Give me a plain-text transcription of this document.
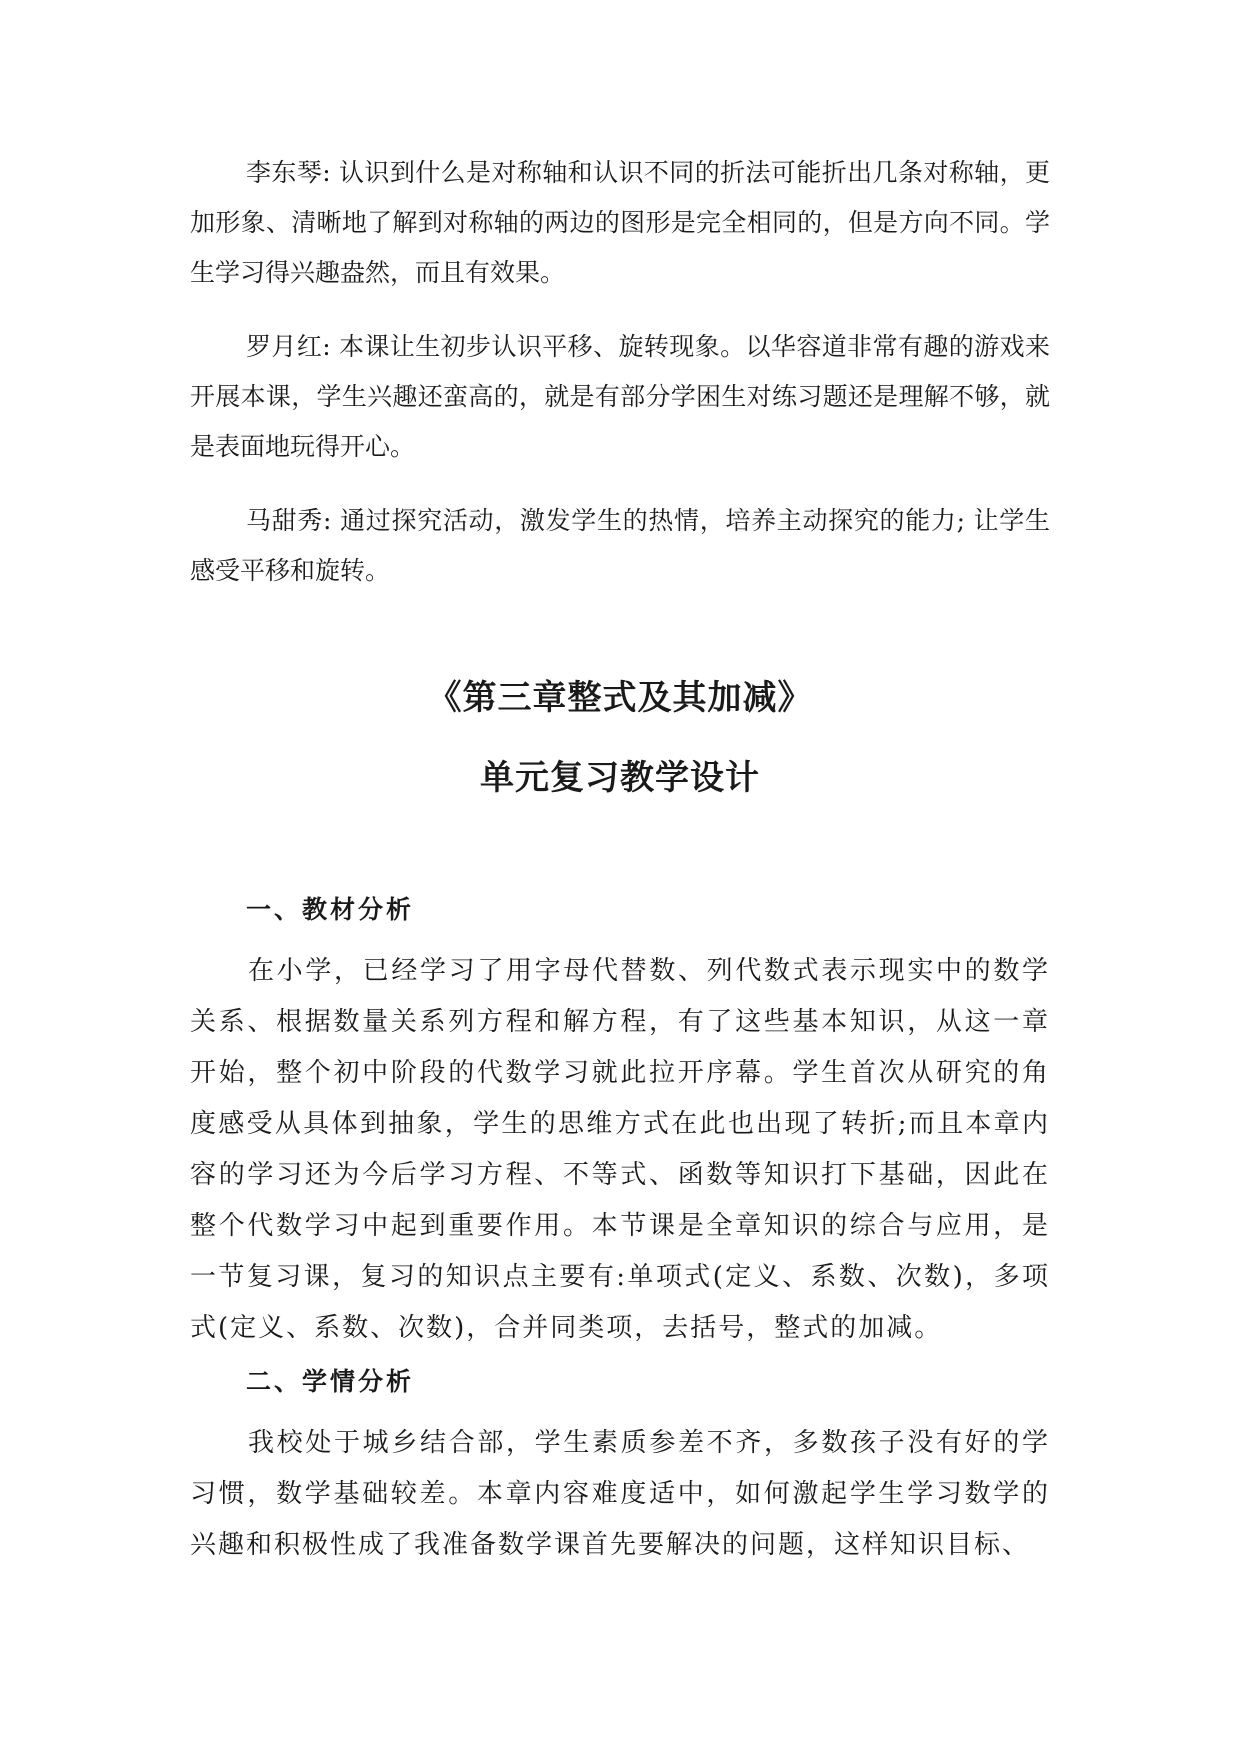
李东琴: 认识到什么是对称轴和认识不同的折法可能折出几条对称轴，更加形象、清晰地了解到对称轴的两边的图形是完全相同的，但是方向不同。学生学习得兴趣盎然，而且有效果。

罗月红: 本课让生初步认识平移、旋转现象。以华容道非常有趣的游戏来开展本课，学生兴趣还蛮高的，就是有部分学困生对练习题还是理解不够，就是表面地玩得开心。

马甜秀: 通过探究活动，激发学生的热情，培养主动探究的能力; 让学生感受平移和旋转。

《第三章整式及其加减》
单元复习教学设计
一、教材分析

在小学，已经学习了用字母代替数、列代数式表示现实中的数学关系、根据数量关系列方程和解方程，有了这些基本知识，从这一章开始，整个初中阶段的代数学习就此拉开序幕。学生首次从研究的角度感受从具体到抽象，学生的思维方式在此也出现了转折;而且本章内容的学习还为今后学习方程、不等式、函数等知识打下基础，因此在整个代数学习中起到重要作用。本节课是全章知识的综合与应用，是一节复习课，复习的知识点主要有:单项式(定义、系数、次数)，多项式(定义、系数、次数)，合并同类项，去括号，整式的加减。

二、学情分析

我校处于城乡结合部，学生素质参差不齐，多数孩子没有好的学习惯，数学基础较差。本章内容难度适中，如何激起学生学习数学的兴趣和积极性成了我准备数学课首先要解决的问题，这样知识目标、
